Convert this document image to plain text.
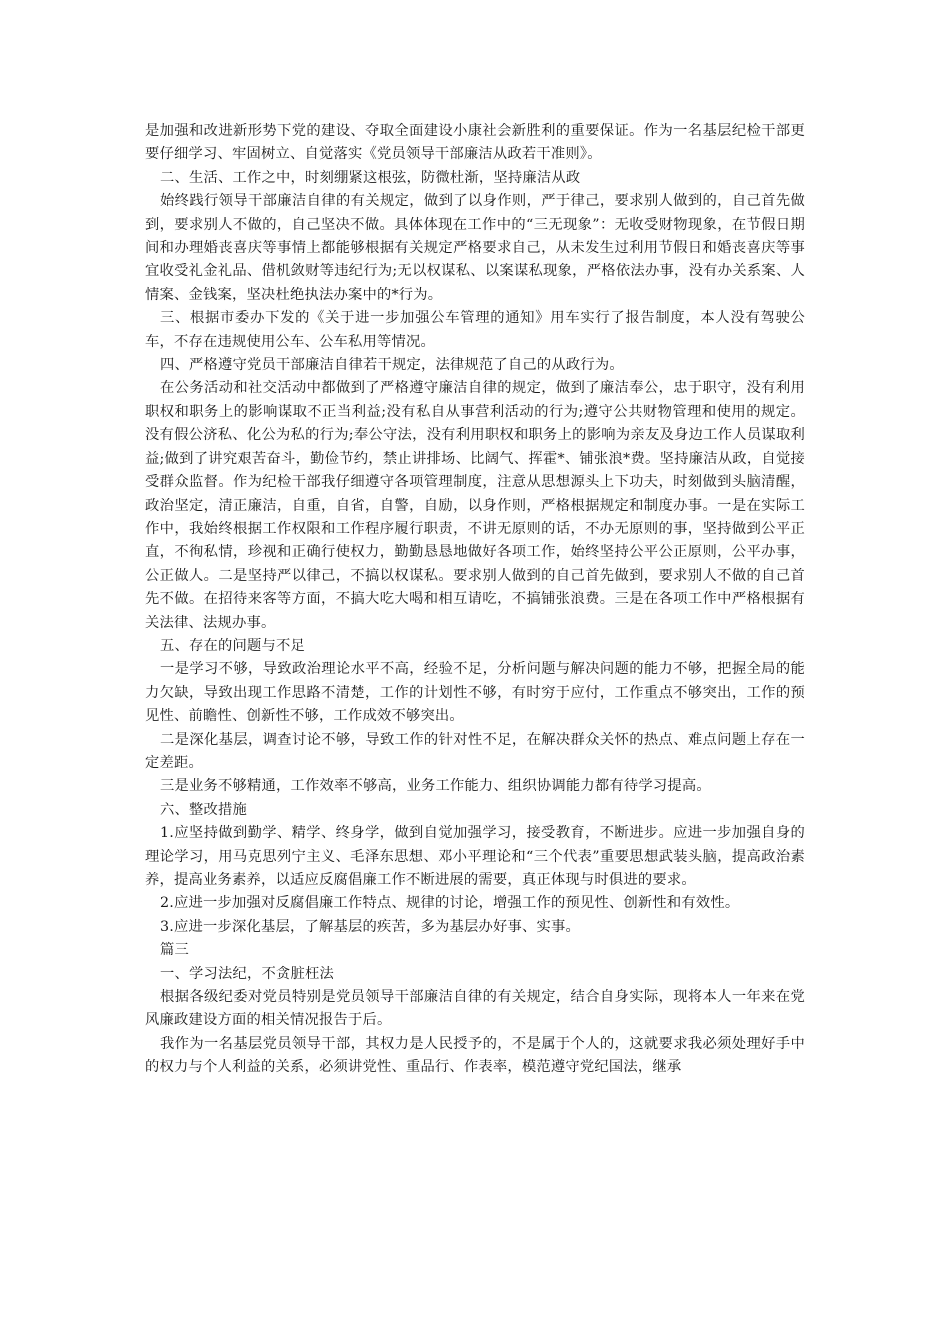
是加强和改进新形势下党的建设、夺取全面建设小康社会新胜利的重要保证。作为一名基层纪检干部更要仔细学习、牢固树立、自觉落实《党员领导干部廉洁从政若干准则》。

二、生活、工作之中，时刻绷紧这根弦，防微杜渐，坚持廉洁从政

始终践行领导干部廉洁自律的有关规定，做到了以身作则，严于律己，要求别人做到的，自己首先做到，要求别人不做的，自己坚决不做。具体体现在工作中的“三无现象”：无收受财物现象，在节假日期间和办理婚丧喜庆等事情上都能够根据有关规定严格要求自己，从未发生过利用节假日和婚丧喜庆等事宜收受礼金礼品、借机敛财等违纪行为;无以权谋私、以案谋私现象，严格依法办事，没有办关系案、人情案、金钱案，坚决杜绝执法办案中的*行为。

三、根据市委办下发的《关于进一步加强公车管理的通知》用车实行了报告制度，本人没有驾驶公车，不存在违规使用公车、公车私用等情况。

四、严格遵守党员干部廉洁自律若干规定，法律规范了自己的从政行为。

在公务活动和社交活动中都做到了严格遵守廉洁自律的规定，做到了廉洁奉公，忠于职守，没有利用职权和职务上的影响谋取不正当利益;没有私自从事营利活动的行为;遵守公共财物管理和使用的规定。没有假公济私、化公为私的行为;奉公守法，没有利用职权和职务上的影响为亲友及身边工作人员谋取利益;做到了讲究艰苦奋斗，勤俭节约，禁止讲排场、比阔气、挥霍*、铺张浪*费。坚持廉洁从政，自觉接受群众监督。作为纪检干部我仔细遵守各项管理制度，注意从思想源头上下功夫，时刻做到头脑清醒，政治坚定，清正廉洁，自重，自省，自警，自励，以身作则，严格根据规定和制度办事。一是在实际工作中，我始终根据工作权限和工作程序履行职责，不讲无原则的话，不办无原则的事，坚持做到公平正直，不徇私情，珍视和正确行使权力，勤勤恳恳地做好各项工作，始终坚持公平公正原则，公平办事，公正做人。二是坚持严以律己，不搞以权谋私。要求别人做到的自己首先做到，要求别人不做的自己首先不做。在招待来客等方面，不搞大吃大喝和相互请吃，不搞铺张浪费。三是在各项工作中严格根据有关法律、法规办事。

五、存在的问题与不足

一是学习不够，导致政治理论水平不高，经验不足，分析问题与解决问题的能力不够，把握全局的能力欠缺，导致出现工作思路不清楚，工作的计划性不够，有时穷于应付，工作重点不够突出，工作的预见性、前瞻性、创新性不够，工作成效不够突出。

二是深化基层，调查讨论不够，导致工作的针对性不足，在解决群众关怀的热点、难点问题上存在一定差距。

三是业务不够精通，工作效率不够高，业务工作能力、组织协调能力都有待学习提高。

六、整改措施

1.应坚持做到勤学、精学、终身学，做到自觉加强学习，接受教育，不断进步。应进一步加强自身的理论学习，用马克思列宁主义、毛泽东思想、邓小平理论和“三个代表”重要思想武装头脑，提高政治素养，提高业务素养，以适应反腐倡廉工作不断进展的需要，真正体现与时俱进的要求。

2.应进一步加强对反腐倡廉工作特点、规律的讨论，增强工作的预见性、创新性和有效性。

3.应进一步深化基层，了解基层的疾苦，多为基层办好事、实事。

篇三

一、学习法纪，不贪脏枉法

根据各级纪委对党员特别是党员领导干部廉洁自律的有关规定，结合自身实际，现将本人一年来在党风廉政建设方面的相关情况报告于后。

我作为一名基层党员领导干部，其权力是人民授予的，不是属于个人的，这就要求我必须处理好手中的权力与个人利益的关系，必须讲党性、重品行、作表率，模范遵守党纪国法，继承
